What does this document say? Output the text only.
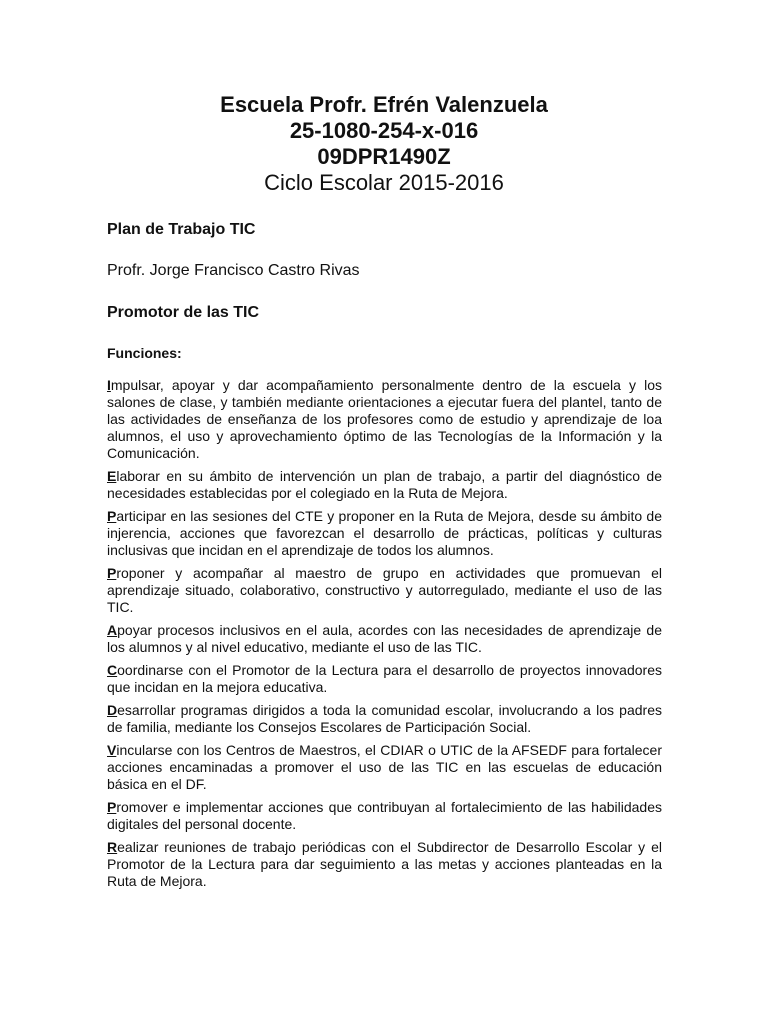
Escuela Profr. Efrén Valenzuela

25-1080-254-x-016

09DPR1490Z

Ciclo Escolar 2015-2016

Plan de Trabajo TIC

Profr. Jorge Francisco Castro Rivas

Promotor de las TIC

Funciones:

Impulsar, apoyar y dar acompañamiento personalmente dentro de la escuela y los salones de clase, y también mediante orientaciones a ejecutar fuera del plantel, tanto de las actividades de enseñanza de los profesores como de estudio y aprendizaje de loa alumnos, el uso y aprovechamiento óptimo de las Tecnologías de la Información y la Comunicación.
Elaborar en su ámbito de intervención un plan de trabajo, a partir del diagnóstico de necesidades establecidas por el colegiado en la Ruta de Mejora.
Participar en las sesiones del CTE y proponer en la Ruta de Mejora, desde su ámbito de injerencia, acciones que favorezcan el desarrollo de prácticas, políticas y culturas inclusivas que incidan en el aprendizaje de todos los alumnos.
Proponer y acompañar al maestro de grupo en actividades que promuevan el aprendizaje situado, colaborativo, constructivo y autorregulado, mediante el uso de las TIC.
Apoyar procesos inclusivos en el aula, acordes con las necesidades de aprendizaje de los alumnos y al nivel educativo, mediante el uso de las TIC.
Coordinarse con el Promotor de la Lectura para el desarrollo de proyectos innovadores que incidan en la mejora educativa.
Desarrollar programas dirigidos a toda la comunidad escolar, involucrando a los padres de familia, mediante los Consejos Escolares de Participación Social.
Vincularse con los Centros de Maestros, el CDIAR o UTIC de la AFSEDF para fortalecer acciones encaminadas a promover el uso de las TIC en las escuelas de educación básica en el DF.
Promover e implementar acciones que contribuyan al fortalecimiento de las habilidades digitales del personal docente.
Realizar reuniones de trabajo periódicas con el Subdirector de Desarrollo Escolar y el Promotor de la Lectura para dar seguimiento a las metas y acciones planteadas en la Ruta de Mejora.
